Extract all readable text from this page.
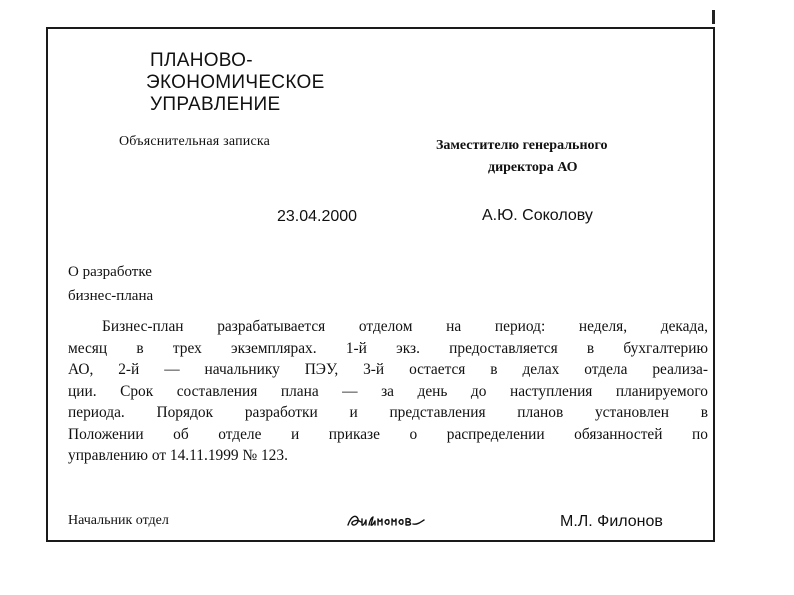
ПЛАНОВО-
ЭКОНОМИЧЕСКОЕ
УПРАВЛЕНИЕ
Объяснительная записка	Заместителю генерального
директора АО
23.04.2000	А.Ю. Соколову
О разработке
бизнес-плана
Бизнес-план разрабатывается отделом на период: неделя, декада,
месяц в трех экземплярах. 1-й экз. предоставляется в бухгалтерию
АО, 2-й — начальнику ПЭУ, 3-й остается в делах отдела реализа-
ции. Срок составления плана — за день до наступления планируемого
периода. Порядок разработки и представления планов установлен в
Положении об отделе и приказе о распределении обязанностей по
управлению от 14.11.1999 № 123.
Начальник отдел	М.Л. Филонов
